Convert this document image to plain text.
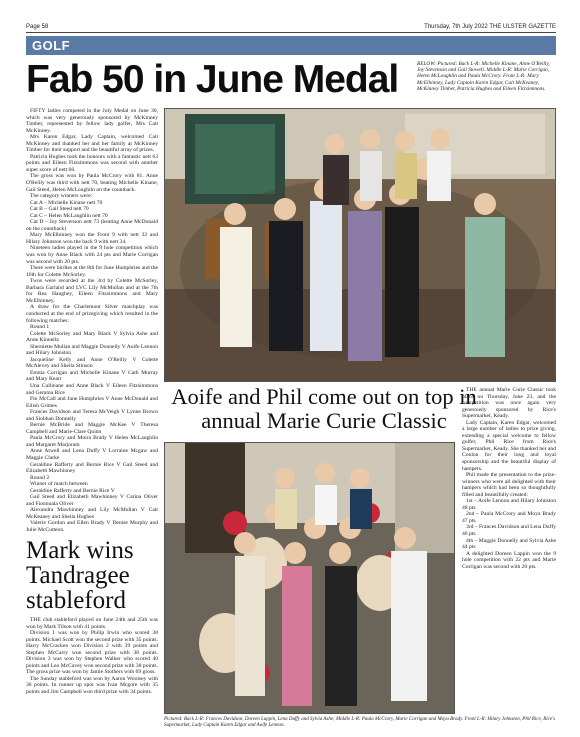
Page 58	Thursday, 7th July 2022 THE ULSTER GAZETTE
GOLF
Fab 50 in June Medal	BELOW: Pictured: Back L-R: Michelle Kinane, Anne O'Reilly, Joy Stevenson and Gail Stowell. Middle L-R: Marie Corrigan, Helen McLoughlin and Paula McCrory. Front L-R: Mary McElhinney, Lady Captain Karen Edgar, Cait McKeaney, McKinney Timber, Patricia Hughes and Eileen Fitzsimmons.

FIFTY ladies competed in the July Medal on June 30, which was very generously sponsored by McKinney Timber, represented by fellow lady golfer, Mrs Cait McKinney.

Mrs Karen Edgar, Lady Captain, welcomed Cait McKinney and thanked her and her family at McKinney Timber for their support and the beautiful array of prizes.

Patricia Hughes took the honours with a fantastic nett 63 points and Eileen Fitzsimmons was second with another super score of nett 66.

The gross was won by Paula McCrory with 81. Anne O'Reilly was third with nett 70, beating Michelle Kinane, Gail Steed, Helen McLoughlin on the countback.

The category winners were:

Cat A – Michelle Kinane nett 70

Cat B – Gail Steed nett 70

Cat C – Helen McLaughlin nett 70

Cat D – Joy Stevenson nett 73 (beating Anne McDonald on the countback)

Mary McElhinney won the Front 9 with nett 32 and Hilary Johnston won the back 9 with nett 34.

Nineteen ladies played in the 9 hole competition which was won by Anne Black with 24 pts and Marie Corrigan was second with 20 pts.

There were birdies at the 8th for June Humphries and the 16th for Colette McSorley.

Twos were recorded at the 3rd by Colette McSorley, Barbara Garland and LVC Lily McMullan and at the 7th for Rea Haughey, Eileen Fitzsimmons and Mary McElhinney.

A draw for the Charlemont Silver matchplay was conducted at the end of prizegiving which resulted in the following matches:

Round 1

Colette McSorley and Mary Black V Sylvia Ashe and Anne Kinnella

Sherniette Mullan and Maggie Donnelly V Aoife Lennon and Hilary Johnston

Jacqueline Kelly and Anne O'Reilly V Colette McAlevey and Sheila Stinson

Emma Corrigan and Michelle Kinane V Cath Murray and Mary Kearr

Una Cullinane and Anne Black V Eileen Fitzsimmons and Gemma Rice

Flo McCall and June Humphries V Anne McDonald and Eilish Grimes

Frances Davidson and Teresa McVeigh V Lynne Brown and Siobhan Donnelly

Bernie McBride and Maggie McKee V Theresa Campbell and Marie-Clare Quinn

Paula McCrory and Moira Brady V Helen McLaughlin and Margaret Marjoram

Anne Atwell and Lena Duffy V Lorraine Mcgaw and Maggie Clarke

Geraldine Rafferty and Bernie Rice V Gail Steed and Elizabeth Mawhinney

Round 2

Winner of match between

Geraldine Rafferty and Bernie Rice V

Gail Steed and Elizabeth Mawhinney V Carina Oliver and Fionnuala Oliver

Alexandra Mawhinney and Lily McMullan V Cait McKeaney and Sheila Hughes

Valerie Gordon and Ellen Brady V Denise Murphy and Julie McCutteon.

Mark wins Tandragee stableford

THE club stableford played on June 24th and 25th was won by Mark Tilson with 41 points.

Division 1 was won by Philip Irwin who scored 38 points. Michael Scott won the second prize with 35 points. Harry McCracken won Division 2 with 39 points and Stephen McCarry won second prize with 38 points. Division 3 was won by Stephen Walker who scored 40 points and Leo McCavey won second prize with 38 points. The gross prize was won by Jamie Stothers with 69 gross.

The Sunday stableford was won by Aaron Woolsey with 36 points. In runner up spot was Ivan Mcgore with 35 points and Jim Campbell won third prize with 34 points.

Aoife and Phil come out on top in annual Marie Curie Classic

THE annual Marie Curie Classic took place on Thursday, June 23, and the competition was once again very generously sponsored by Rice's Supermarket, Keady.

Lady Captain, Karen Edgar, welcomed a large number of ladies to prize giving, extending a special welcome to fellow golfer, Phil Rice from Rice's Supermarket, Keady. She thanked her and Conlon for their long and loyal sponsorship and the beautiful display of hampers.

Phil made the presentation to the prize-winners who were all delighted with their hampers which had been so thoughtfully filled and beautifully created:

1st – Aoife Lennon and Hilary Johnston 48 pts

2nd – Paula McCrory and Moya Brady 47 pts

3rd – Frances Davidson and Lena Duffy 46 pts

4th – Maggie Donnelly and Sylvia Ashe 44 pts

A delighted Doreen Lappin won the 9 hole competition with 22 pts and Marie Corrigan was second with 20 pts.

Pictured: Back L-R: Frances Davidson, Doreen Lappin, Lena Duffy and Sylvia Ashe; Middle L-R: Paula McCrory, Marie Corrigan and Moya Brady. Front L-R: Hilary Johnston, Phil Rice, Rice's Supermarket, Lady Captain Karen Edgar and Aoife Lennon.
